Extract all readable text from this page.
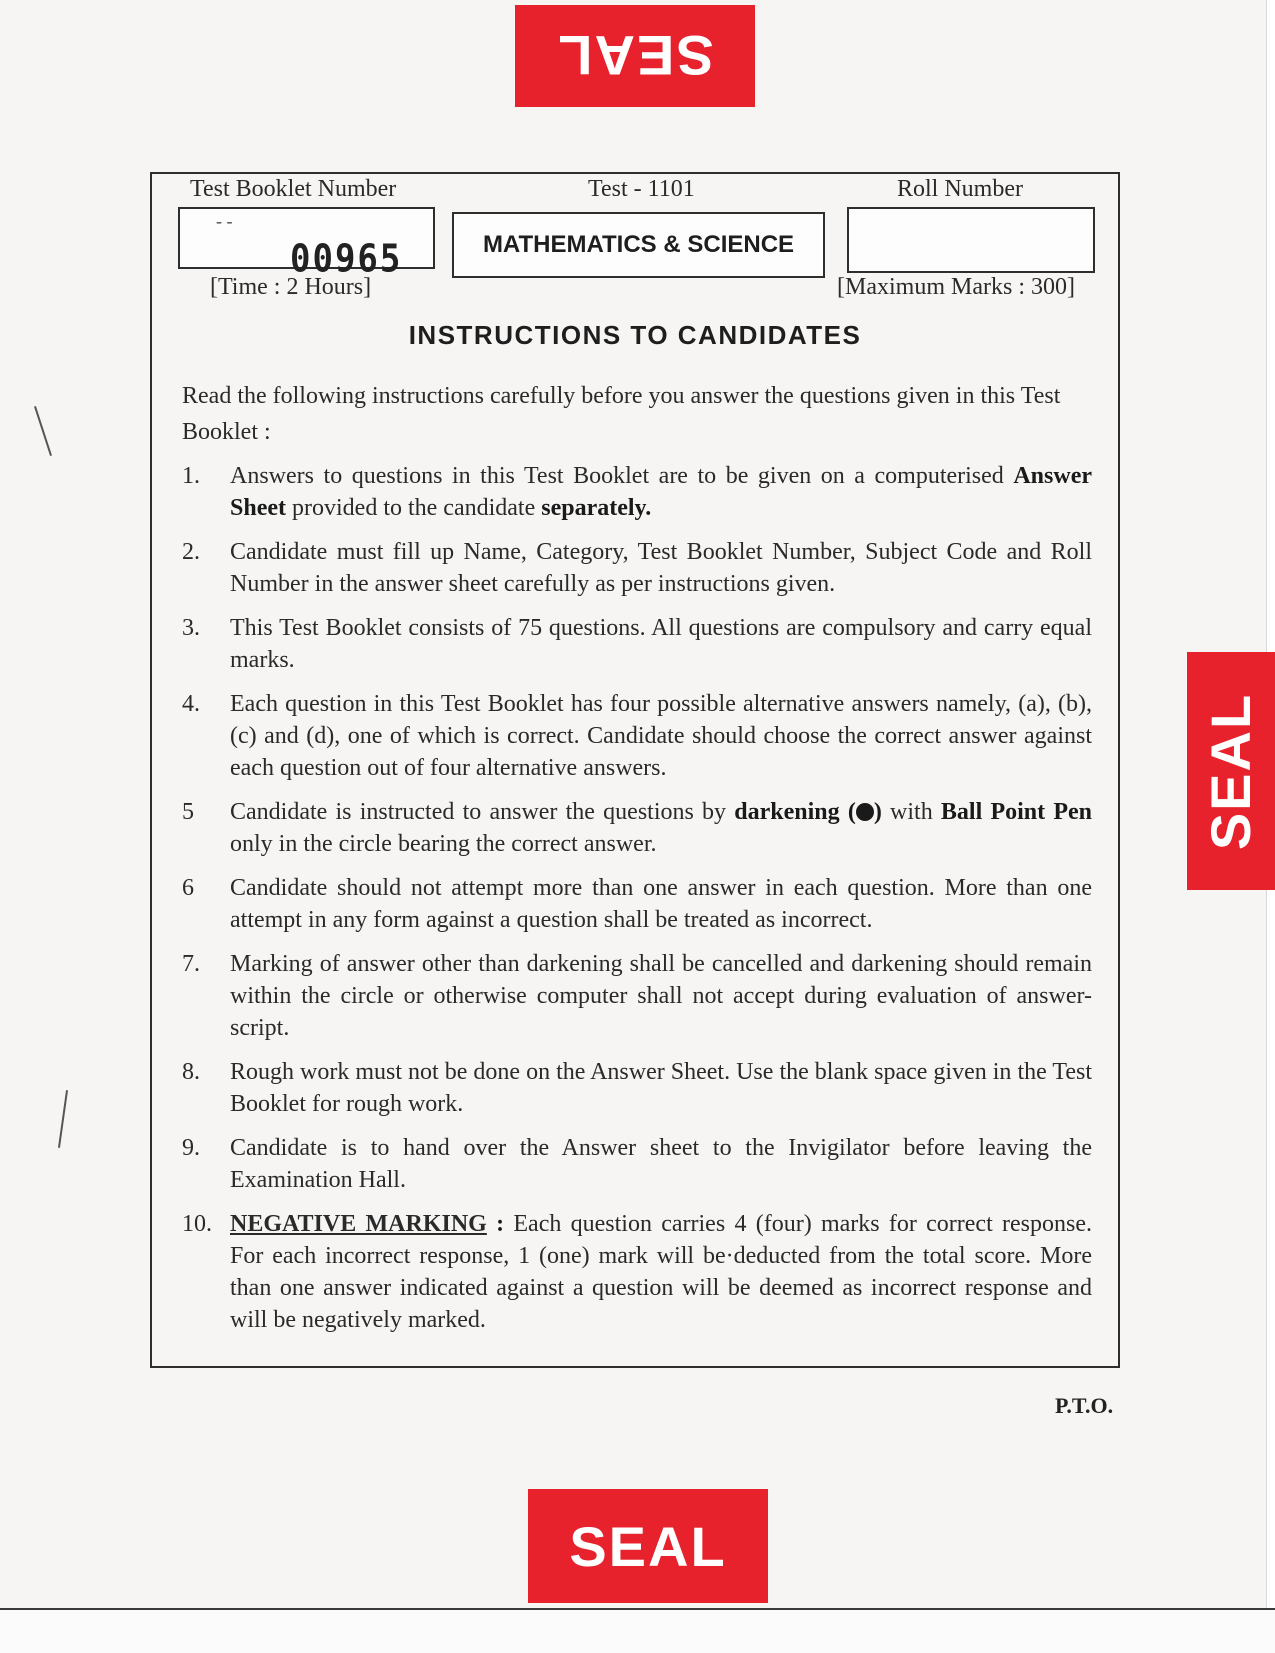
SEAL
SEAL
SEAL
Test Booklet Number	Test - 1101	Roll Number
- -
00965	MATHEMATICS & SCIENCE
[Time : 2 Hours]	[Maximum Marks : 300]
INSTRUCTIONS TO CANDIDATES
Read the following instructions carefully before you answer the questions given in this Test Booklet :
1. Answers to questions in this Test Booklet are to be given on a computerised Answer Sheet provided to the candidate separately.
2. Candidate must fill up Name, Category, Test Booklet Number, Subject Code and Roll Number in the answer sheet carefully as per instructions given.
3. This Test Booklet consists of 75 questions. All questions are compulsory and carry equal marks.
4. Each question in this Test Booklet has four possible alternative answers namely, (a), (b), (c) and (d), one of which is correct. Candidate should choose the correct answer against each question out of four alternative answers.
5 Candidate is instructed to answer the questions by darkening ( ) with Ball Point Pen only in the circle bearing the correct answer.
6 Candidate should not attempt more than one answer in each question. More than one attempt in any form against a question shall be treated as incorrect.
7. Marking of answer other than darkening shall be cancelled and darkening should remain within the circle or otherwise computer shall not accept during evaluation of answer-script.
8. Rough work must not be done on the Answer Sheet. Use the blank space given in the Test Booklet for rough work.
9. Candidate is to hand over the Answer sheet to the Invigilator before leaving the Examination Hall.
10. NEGATIVE MARKING : Each question carries 4 (four) marks for correct response. For each incorrect response, 1 (one) mark will be·deducted from the total score. More than one answer indicated against a question will be deemed as incorrect response and will be negatively marked.
P.T.O.
